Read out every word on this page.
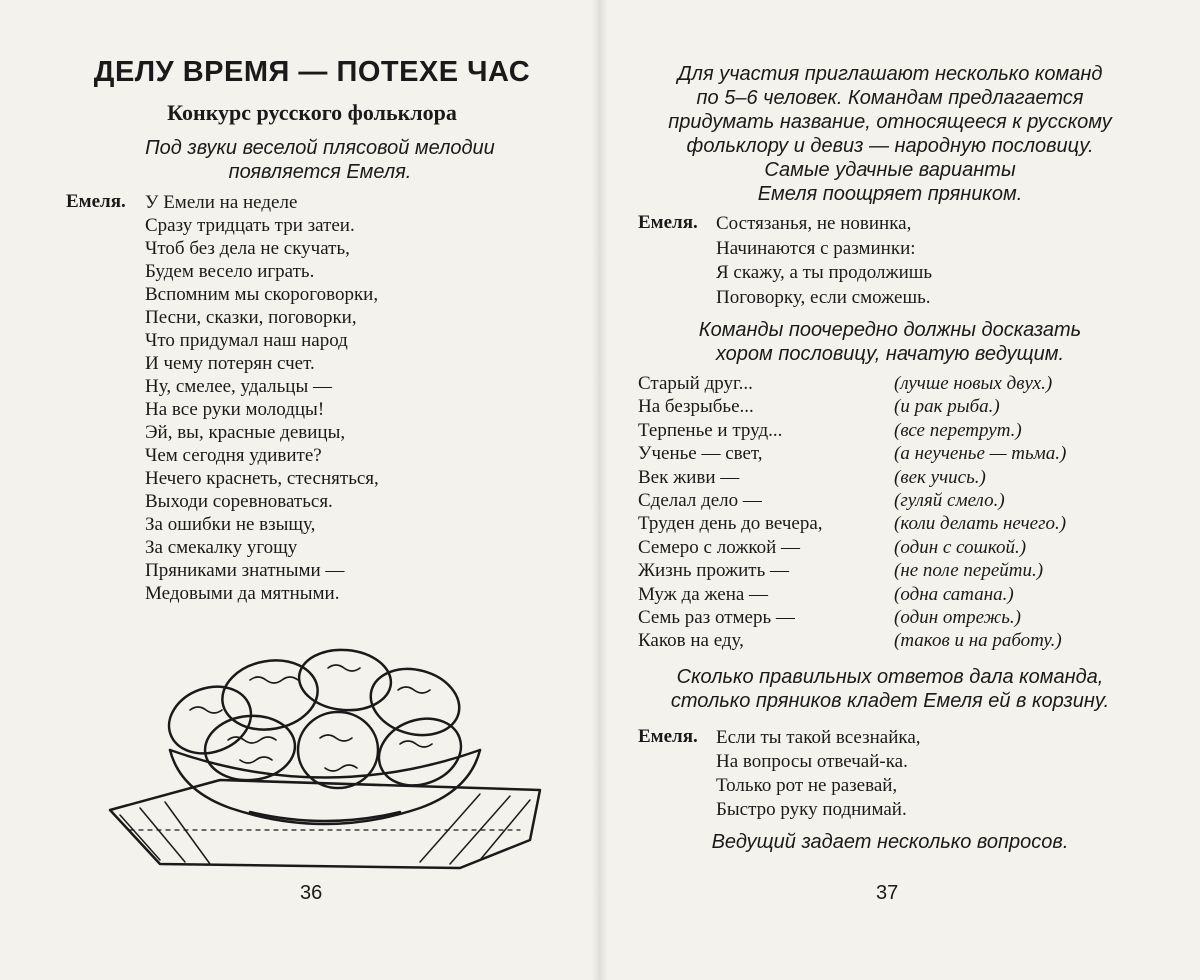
ДЕЛУ ВРЕМЯ — ПОТЕХЕ ЧАС
Конкурс русского фольклора
Под звуки веселой плясовой мелодии
появляется Емеля.
Емеля. У Емели на неделе
Сразу тридцать три затеи.
Чтоб без дела не скучать,
Будем весело играть.
Вспомним мы скороговорки,
Песни, сказки, поговорки,
Что придумал наш народ
И чему потерян счет.
Ну, смелее, удальцы —
На все руки молодцы!
Эй, вы, красные девицы,
Чем сегодня удивите?
Нечего краснеть, стесняться,
Выходи соревноваться.
За ошибки не взыщу,
За смекалку угощу
Пряниками знатными —
Медовыми да мятными.
36
Для участия приглашают несколько команд
по 5–6 человек. Командам предлагается
придумать название, относящееся к русскому
фольклору и девиз — народную пословицу.
Самые удачные варианты
Емеля поощряет пряником.
Емеля. Состязанья, не новинка,
Начинаются с разминки:
Я скажу, а ты продолжишь
Поговорку, если сможешь.
Команды поочередно должны досказать
хором пословицу, начатую ведущим.
Старый друг...	(лучше новых двух.)
На безрыбье...	(и рак рыба.)
Терпенье и труд...	(все перетрут.)
Ученье — свет,	(а неученье — тьма.)
Век живи —	(век учись.)
Сделал дело —	(гуляй смело.)
Труден день до вечера,	(коли делать нечего.)
Семеро с ложкой —	(один с сошкой.)
Жизнь прожить —	(не поле перейти.)
Муж да жена —	(одна сатана.)
Семь раз отмерь —	(один отрежь.)
Каков на еду,	(таков и на работу.)
Сколько правильных ответов дала команда,
столько пряников кладет Емеля ей в корзину.
Емеля. Если ты такой всезнайка,
На вопросы отвечай-ка.
Только рот не разевай,
Быстро руку поднимай.
Ведущий задает несколько вопросов.
37
